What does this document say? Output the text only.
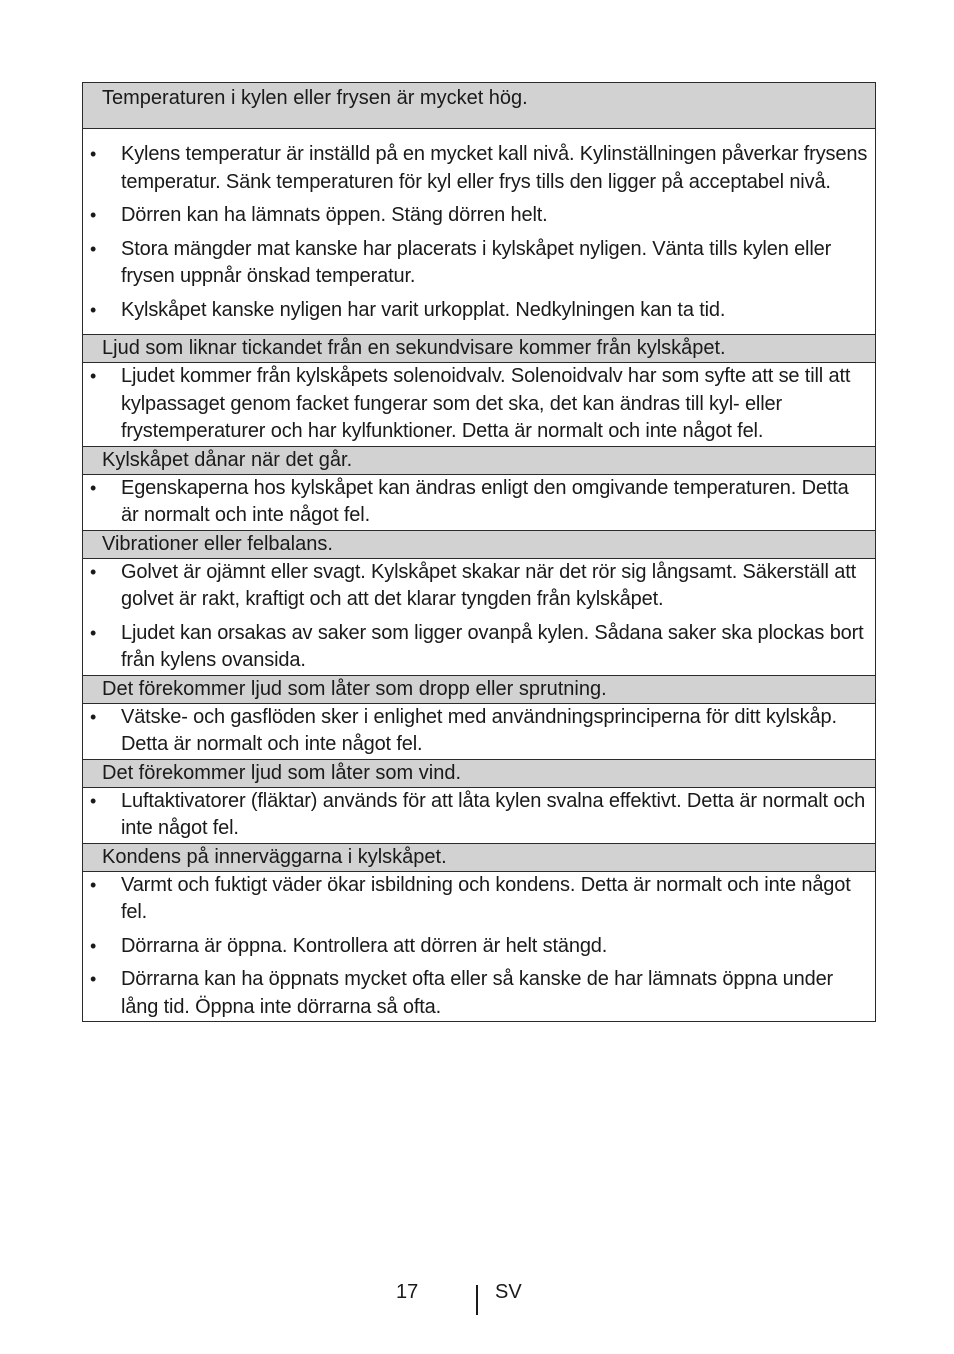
Temperaturen i kylen eller frysen är mycket hög.
• Kylens temperatur är inställd på en mycket kall nivå. Kylinställningen påverkar frysens temperatur. Sänk temperaturen för kyl eller frys tills den ligger på acceptabel nivå.
• Dörren kan ha lämnats öppen. Stäng dörren helt.
• Stora mängder mat kanske har placerats i kylskåpet nyligen. Vänta tills kylen eller frysen uppnår önskad temperatur.
• Kylskåpet kanske nyligen har varit urkopplat. Nedkylningen kan ta tid.
Ljud som liknar tickandet från en sekundvisare kommer från kylskåpet.
• Ljudet kommer från kylskåpets solenoidvalv. Solenoidvalv har som syfte att se till att kylpassaget genom facket fungerar som det ska, det kan ändras till kyl- eller frystemperaturer och har kylfunktioner. Detta är normalt och inte något fel.
Kylskåpet dånar när det går.
• Egenskaperna hos kylskåpet kan ändras enligt den omgivande temperaturen. Detta är normalt och inte något fel.
Vibrationer eller felbalans.
• Golvet är ojämnt eller svagt. Kylskåpet skakar när det rör sig långsamt. Säkerställ att golvet är rakt, kraftigt och att det klarar tyngden från kylskåpet.
• Ljudet kan orsakas av saker som ligger ovanpå kylen. Sådana saker ska plockas bort från kylens ovansida.
Det förekommer ljud som låter som dropp eller sprutning.
• Vätske- och gasflöden sker i enlighet med användningsprinciperna för ditt kylskåp. Detta är normalt och inte något fel.
Det förekommer ljud som låter som vind.
• Luftaktivatorer (fläktar) används för att låta kylen svalna effektivt. Detta är normalt och inte något fel.
Kondens på innerväggarna i kylskåpet.
• Varmt och fuktigt väder ökar isbildning och kondens. Detta är normalt och inte något fel.
• Dörrarna är öppna. Kontrollera att dörren är helt stängd.
• Dörrarna kan ha öppnats mycket ofta eller så kanske de har lämnats öppna under lång tid. Öppna inte dörrarna så ofta.
17	SV
